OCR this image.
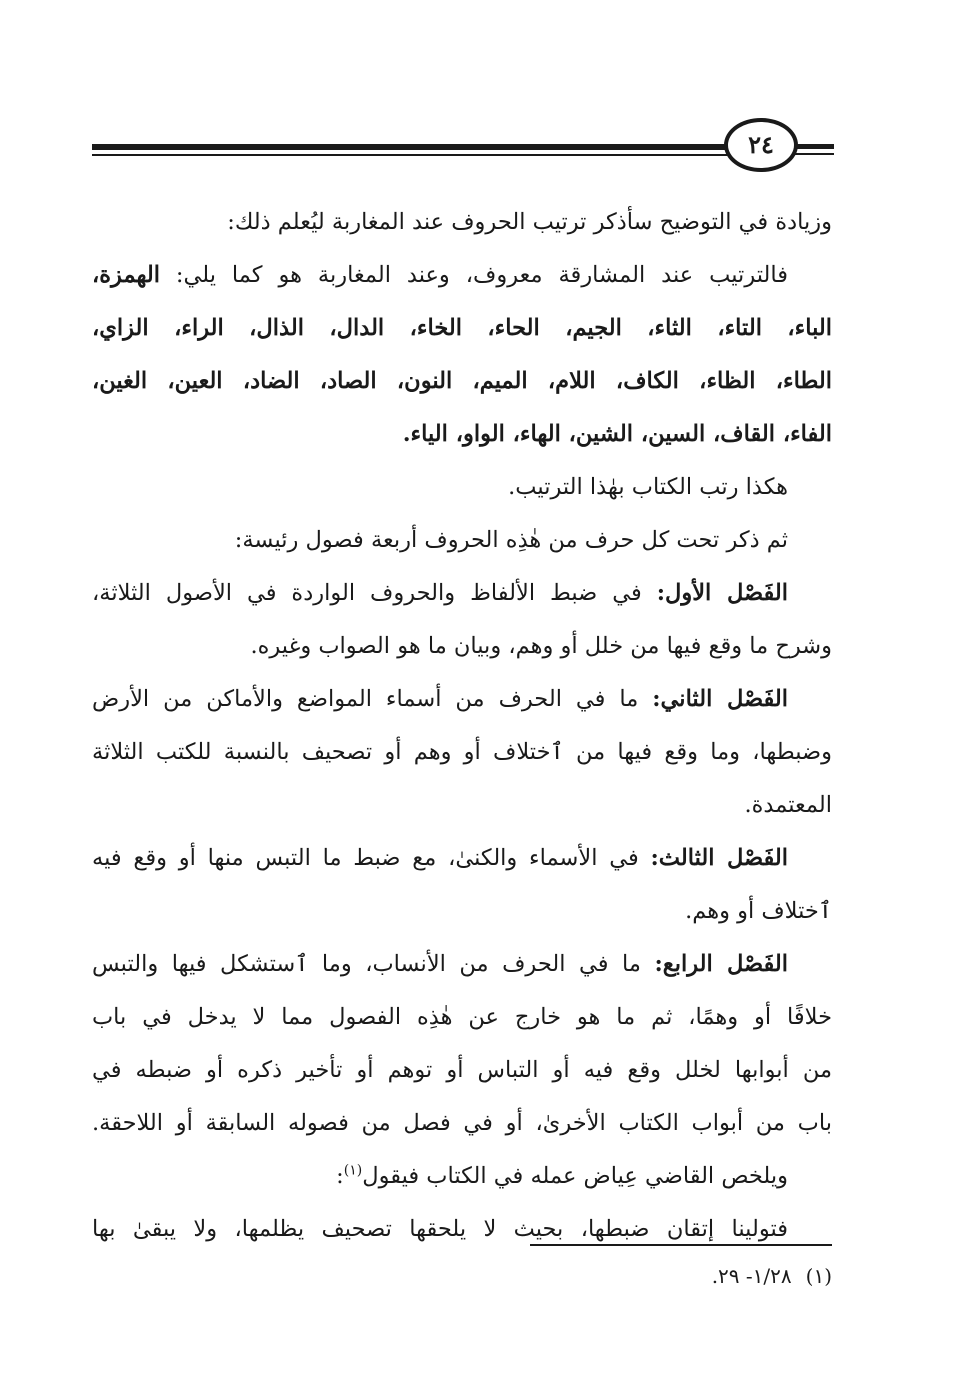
٢٤
وزيادة في التوضيح سأذكر ترتيب الحروف عند المغاربة ليُعلم ذلك:
فالترتيب عند المشارقة معروف، وعند المغاربة هو كما يلي: الهمزة،
الباء، التاء، الثاء، الجيم، الحاء، الخاء، الدال، الذال، الراء، الزاي،
الطاء، الظاء، الكاف، اللام، الميم، النون، الصاد، الضاد، العين، الغين،
الفاء، القاف، السين، الشين، الهاء، الواو، الياء.
هكذا رتب الكتاب بهٰذا الترتيب.
ثم ذكر تحت كل حرف من هٰذِه الحروف أربعة فصول رئيسة:
الفَصْل الأول: في ضبط الألفاظ والحروف الواردة في الأصول الثلاثة،
وشرح ما وقع فيها من خلل أو وهم، وبيان ما هو الصواب وغيره.
الفَصْل الثاني: ما في الحرف من أسماء المواضع والأماكن من الأرض
وضبطها، وما وقع فيها من ٱختلاف أو وهم أو تصحيف بالنسبة للكتب الثلاثة
المعتمدة.
الفَصْل الثالث: في الأسماء والكنىٰ، مع ضبط ما التبس منها أو وقع فيه
ٱختلاف أو وهم.
الفَصْل الرابع: ما في الحرف من الأنساب، وما ٱستشكل فيها والتبس
خلافًا أو وهمًا، ثم ما هو خارج عن هٰذِه الفصول مما لا يدخل في باب
من أبوابها لخلل وقع فيه أو التباس أو توهم أو تأخير ذكره أو ضبطه في
باب من أبواب الكتاب الأخرىٰ، أو في فصل من فصوله السابقة أو اللاحقة.
ويلخص القاضي عِياض عمله في الكتاب فيقول$^{(١)}$:
فتولينا إتقان ضبطها، بحيث لا يلحقها تصحيف يظلمها، ولا يبقىٰ بها
(١)١/٢٨- ٢٩.
